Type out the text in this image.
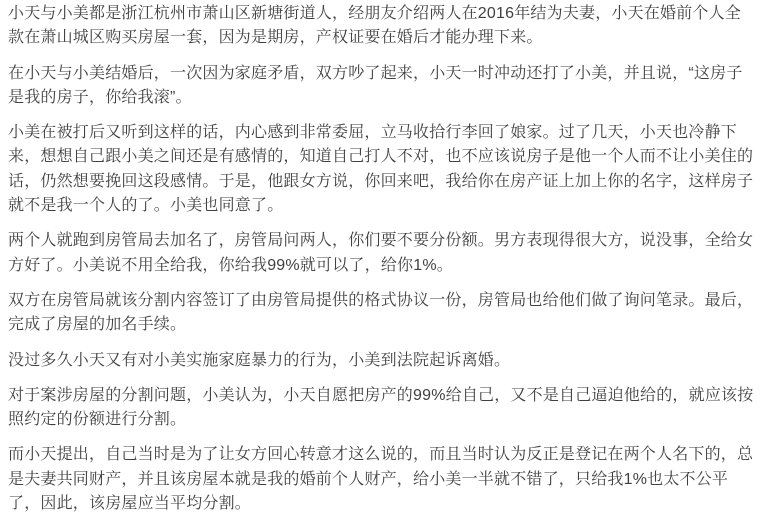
小天与小美都是浙江杭州市萧山区新塘街道人，经朋友介绍两人在2016年结为夫妻，小天在婚前个人全款在萧山城区购买房屋一套，因为是期房，产权证要在婚后才能办理下来。

在小天与小美结婚后，一次因为家庭矛盾，双方吵了起来，小天一时冲动还打了小美，并且说，“这房子是我的房子，你给我滚”。

小美在被打后又听到这样的话，内心感到非常委屈，立马收拾行李回了娘家。过了几天，小天也冷静下来，想想自己跟小美之间还是有感情的，知道自己打人不对，也不应该说房子是他一个人而不让小美住的话，仍然想要挽回这段感情。于是，他跟女方说，你回来吧，我给你在房产证上加上你的名字，这样房子就不是我一个人的了。小美也同意了。

两个人就跑到房管局去加名了，房管局问两人，你们要不要分份额。男方表现得很大方，说没事，全给女方好了。小美说不用全给我，你给我99%就可以了，给你1%。

双方在房管局就该分割内容签订了由房管局提供的格式协议一份，房管局也给他们做了询问笔录。最后，完成了房屋的加名手续。

没过多久小天又有对小美实施家庭暴力的行为，小美到法院起诉离婚。

对于案涉房屋的分割问题，小美认为，小天自愿把房产的99%给自己，又不是自己逼迫他给的，就应该按照约定的份额进行分割。

而小天提出，自己当时是为了让女方回心转意才这么说的，而且当时认为反正是登记在两个人名下的，总是夫妻共同财产，并且该房屋本就是我的婚前个人财产，给小美一半就不错了，只给我1%也太不公平了，因此，该房屋应当平均分割。
